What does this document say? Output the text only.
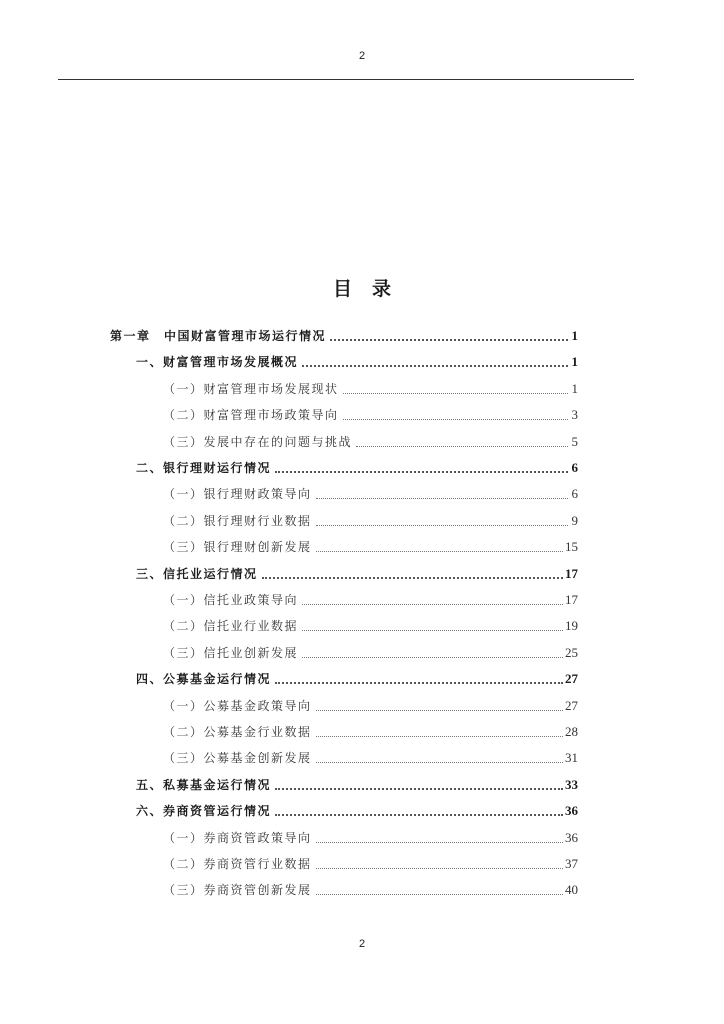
2
目录
第一章　中国财富管理市场运行情况	1
一、财富管理市场发展概况	1
（一）财富管理市场发展现状	1
（二）财富管理市场政策导向	3
（三）发展中存在的问题与挑战	5
二、银行理财运行情况	6
（一）银行理财政策导向	6
（二）银行理财行业数据	9
（三）银行理财创新发展	15
三、信托业运行情况	17
（一）信托业政策导向	17
（二）信托业行业数据	19
（三）信托业创新发展	25
四、公募基金运行情况	27
（一）公募基金政策导向	27
（二）公募基金行业数据	28
（三）公募基金创新发展	31
五、私募基金运行情况	33
六、券商资管运行情况	36
（一）券商资管政策导向	36
（二）券商资管行业数据	37
（三）券商资管创新发展	40
2
